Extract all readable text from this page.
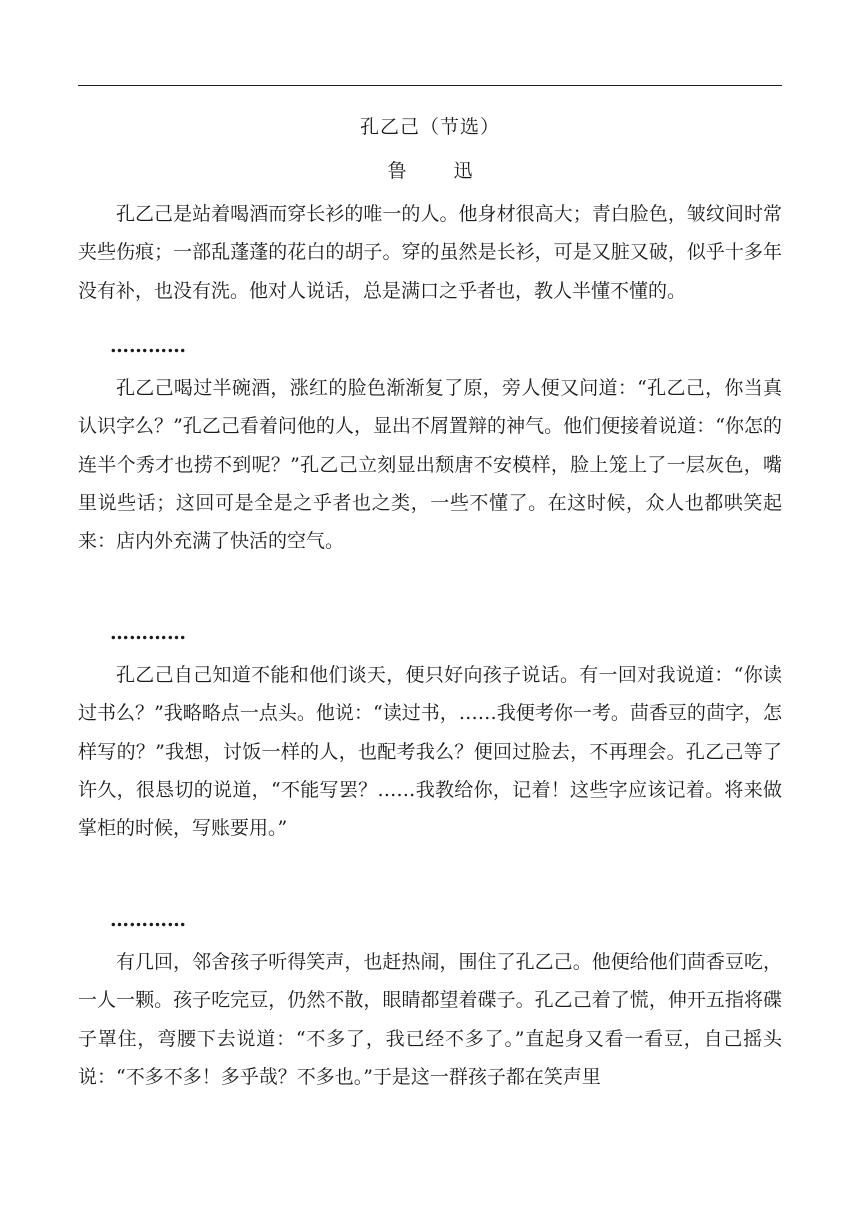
孔乙己（节选）
鲁　迅

孔乙己是站着喝酒而穿长衫的唯一的人。他身材很高大；青白脸色，皱纹间时常夹些伤痕；一部乱蓬蓬的花白的胡子。穿的虽然是长衫，可是又脏又破，似乎十多年没有补，也没有洗。他对人说话，总是满口之乎者也，教人半懂不懂的。

…………

孔乙己喝过半碗酒，涨红的脸色渐渐复了原，旁人便又问道：“孔乙己，你当真认识字么？”孔乙己看着问他的人，显出不屑置辩的神气。他们便接着说道：“你怎的连半个秀才也捞不到呢？”孔乙己立刻显出颓唐不安模样，脸上笼上了一层灰色，嘴里说些话；这回可是全是之乎者也之类，一些不懂了。在这时候，众人也都哄笑起来：店内外充满了快活的空气。

…………

孔乙己自己知道不能和他们谈天，便只好向孩子说话。有一回对我说道：“你读过书么？”我略略点一点头。他说：“读过书，……我便考你一考。茴香豆的茴字，怎样写的？”我想，讨饭一样的人，也配考我么？便回过脸去，不再理会。孔乙己等了许久，很恳切的说道，“不能写罢？……我教给你，记着！这些字应该记着。将来做掌柜的时候，写账要用。”

…………

有几回，邻舍孩子听得笑声，也赶热闹，围住了孔乙己。他便给他们茴香豆吃，一人一颗。孩子吃完豆，仍然不散，眼睛都望着碟子。孔乙己着了慌，伸开五指将碟子罩住，弯腰下去说道：“不多了，我已经不多了。”直起身又看一看豆，自己摇头说：“不多不多！多乎哉？不多也。”于是这一群孩子都在笑声里
